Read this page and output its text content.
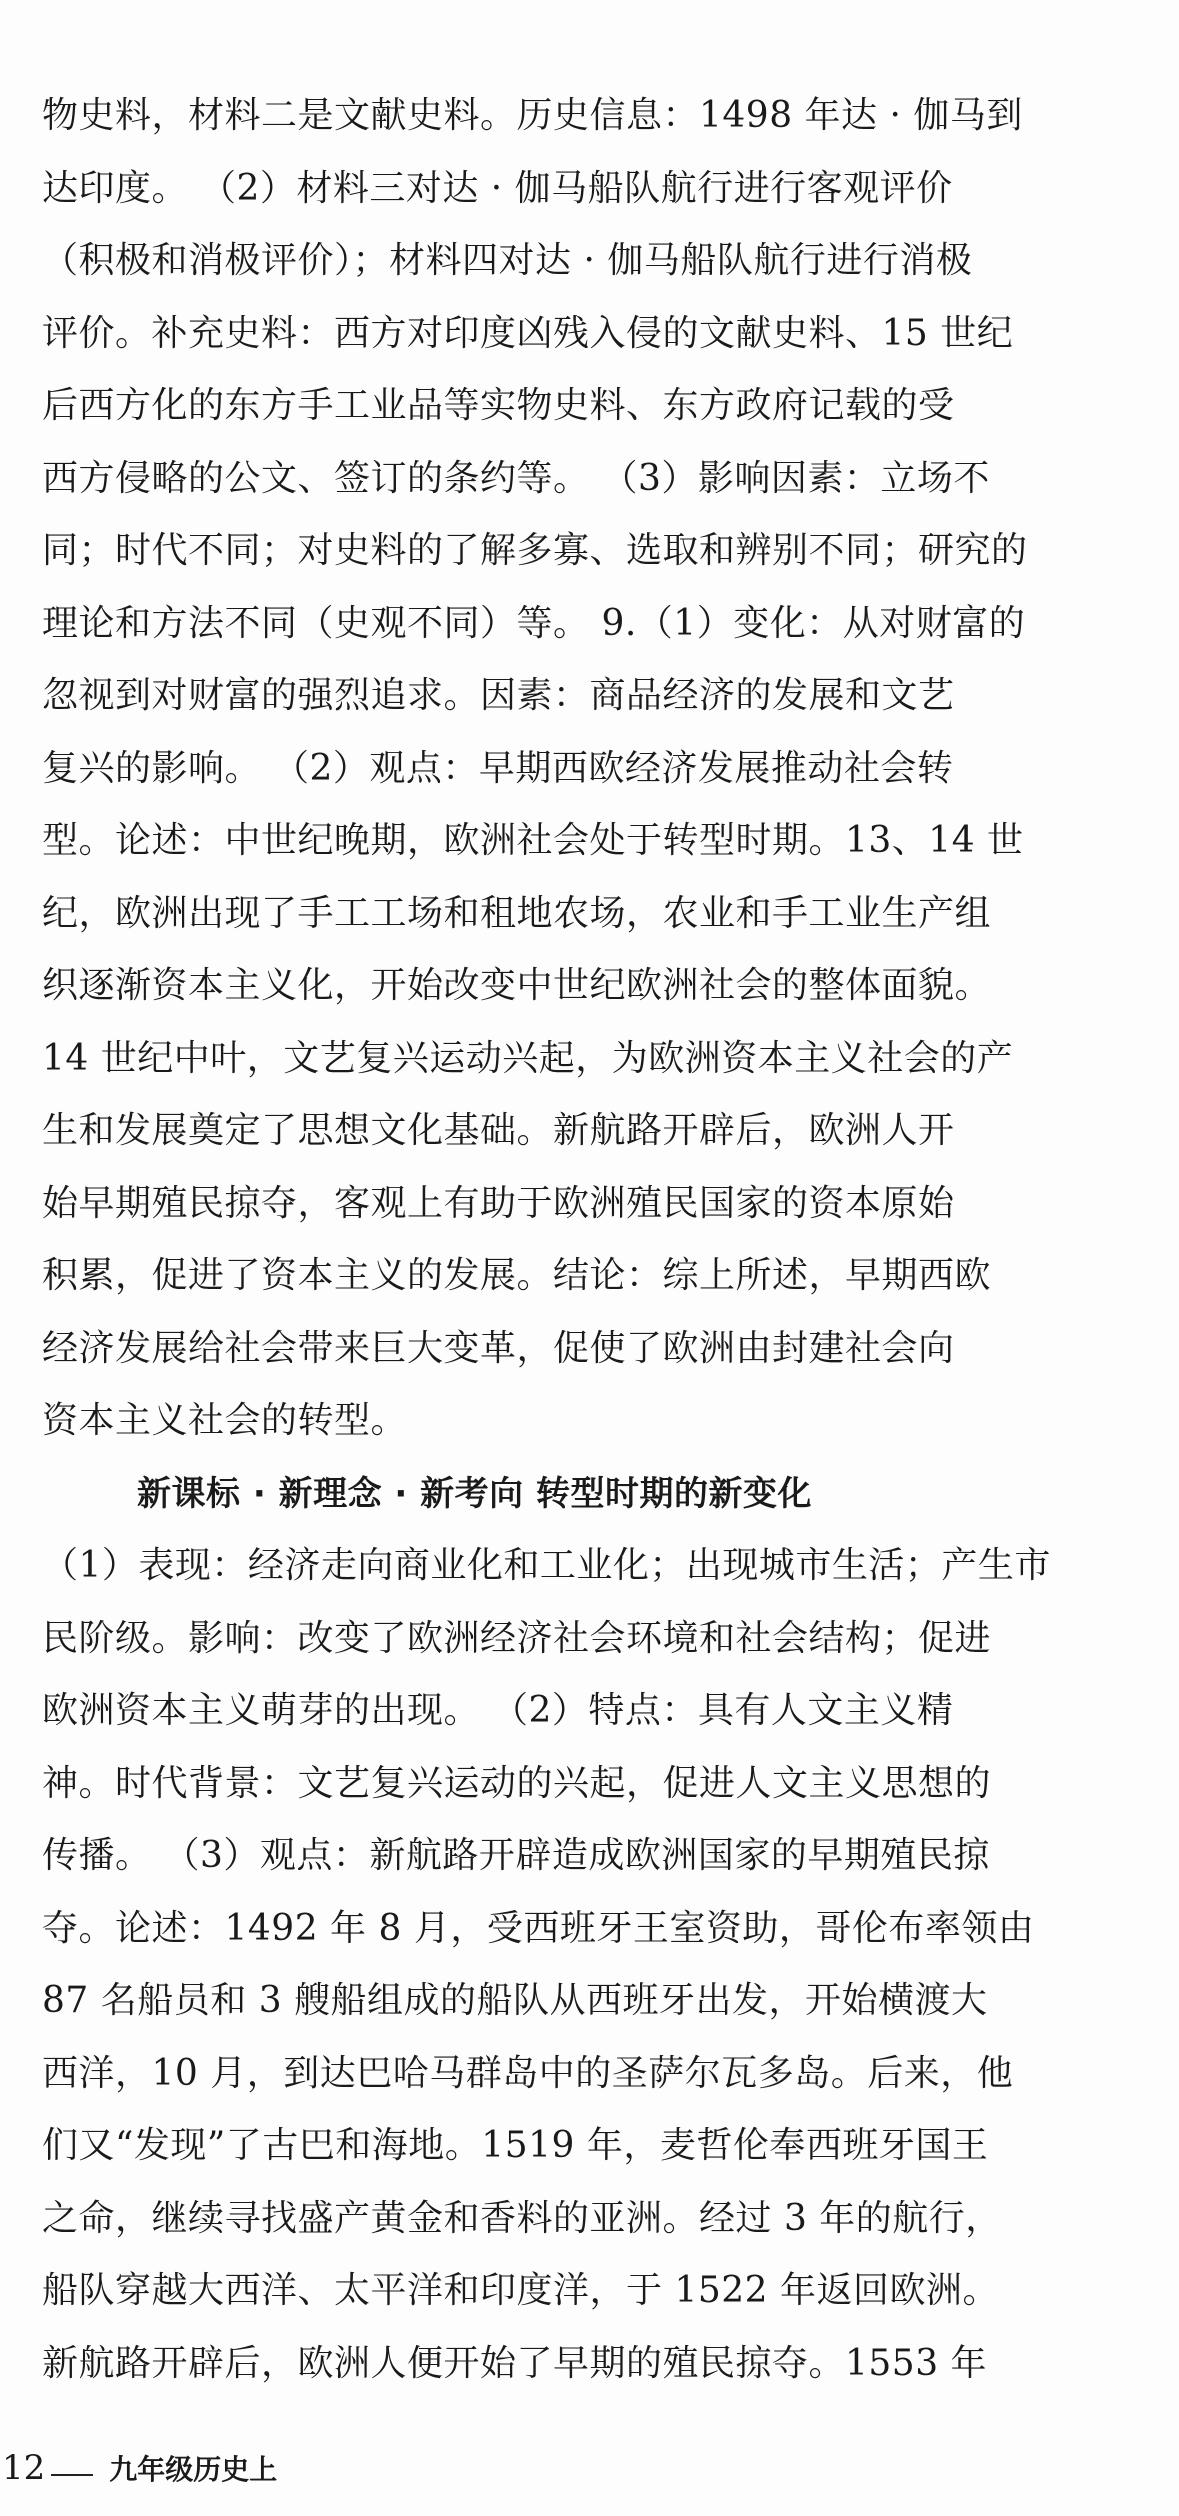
物史料，材料二是文献史料。历史信息：1498 年达 · 伽马到
达印度。 （2）材料三对达 · 伽马船队航行进行客观评价
（积极和消极评价）；材料四对达 · 伽马船队航行进行消极
评价。补充史料：西方对印度凶残入侵的文献史料、15 世纪
后西方化的东方手工业品等实物史料、东方政府记载的受
西方侵略的公文、签订的条约等。 （3）影响因素：立场不
同；时代不同；对史料的了解多寡、选取和辨别不同；研究的
理论和方法不同（史观不同）等。 9.（1）变化：从对财富的
忽视到对财富的强烈追求。因素：商品经济的发展和文艺
复兴的影响。 （2）观点：早期西欧经济发展推动社会转
型。论述：中世纪晚期，欧洲社会处于转型时期。13、14 世
纪，欧洲出现了手工工场和租地农场，农业和手工业生产组
织逐渐资本主义化，开始改变中世纪欧洲社会的整体面貌。
14 世纪中叶，文艺复兴运动兴起，为欧洲资本主义社会的产
生和发展奠定了思想文化基础。新航路开辟后，欧洲人开
始早期殖民掠夺，客观上有助于欧洲殖民国家的资本原始
积累，促进了资本主义的发展。结论：综上所述，早期西欧
经济发展给社会带来巨大变革，促使了欧洲由封建社会向
资本主义社会的转型。
新课标 · 新理念 · 新考向 转型时期的新变化
（1）表现：经济走向商业化和工业化；出现城市生活；产生市
民阶级。影响：改变了欧洲经济社会环境和社会结构；促进
欧洲资本主义萌芽的出现。 （2）特点：具有人文主义精
神。时代背景：文艺复兴运动的兴起，促进人文主义思想的
传播。 （3）观点：新航路开辟造成欧洲国家的早期殖民掠
夺。论述：1492 年 8 月，受西班牙王室资助，哥伦布率领由
87 名船员和 3 艘船组成的船队从西班牙出发，开始横渡大
西洋，10 月，到达巴哈马群岛中的圣萨尔瓦多岛。后来，他
们又“发现”了古巴和海地。1519 年，麦哲伦奉西班牙国王
之命，继续寻找盛产黄金和香料的亚洲。经过 3 年的航行，
船队穿越大西洋、太平洋和印度洋，于 1522 年返回欧洲。
新航路开辟后，欧洲人便开始了早期的殖民掠夺。1553 年
12 九年级历史上
